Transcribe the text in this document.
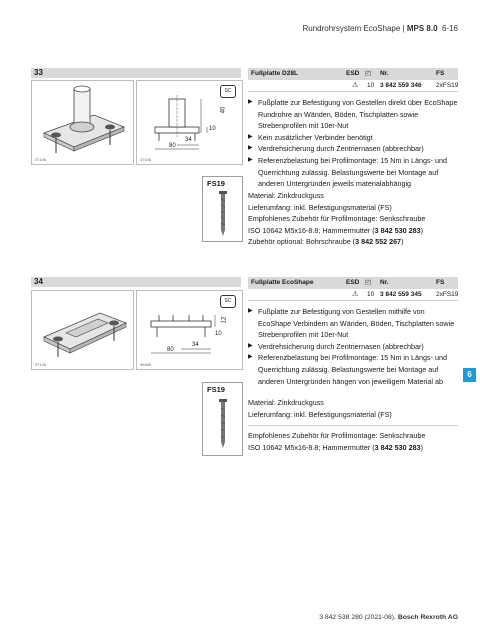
Rundrohrsystem EcoShape | MPS 8.0 6-16
33
37146
80
34
10
40
SC
37146
FS19
Fußplatte D28L	ESD	Nr.	FS
◰
⚠ 10 3 842 559 346 2xFS19
▶ Fußplatte zur Befestigung von Gestellen direkt über EcoShape Rundrohre an Wänden, Böden, Tischplatten sowie Strebenprofilen mit 10er-Nut
▶ Kein zusätzlicher Verbinder benötigt
▶ Verdrehsicherung durch Zentriernasen (abbrechbar)
▶ Referenzbelastung bei Profilmontage: 15 Nm in Längs- und Querrichtung zulässig. Belastungswerte bei Montage auf anderen Untergründen jeweils materialabhängig
Material: Zinkdruckguss
Lieferumfang: inkl. Befestigungsmaterial (FS)
Empfohlenes Zubehör für Profilmontage: Senkschraube
ISO 10642 M5x16-8.8; Hammermutter (3 842 530 283)
Zubehör optional: Bohrschraube (3 842 552 267)
34
37145
80
34
10
12
SC
36455
FS19
Fußplatte EcoShape	ESD	Nr.	FS
◰
⚠ 10 3 842 559 345 2xFS19
▶ Fußplatte zur Befestigung von Gestellen mithilfe von EcoShape Verbindern an Wänden, Böden, Tischplatten sowie Strebenprofilen mit 10er-Nut
▶ Verdrehsicherung durch Zentriernasen (abbrechbar)
▶ Referenzbelastung bei Profilmontage: 15 Nm in Längs- und Querrichtung zulässig. Belastungswerte bei Montage auf anderen Untergründen hängen von jeweiligem Material ab
Material: Zinkdruckguss
Lieferumfang: inkl. Befestigungsmaterial (FS)
Empfohlenes Zubehör für Profilmontage: Senkschraube
ISO 10642 M5x16-8.8; Hammermutter (3 842 530 283)
6
3 842 538 280 (2021-08), Bosch Rexroth AG
